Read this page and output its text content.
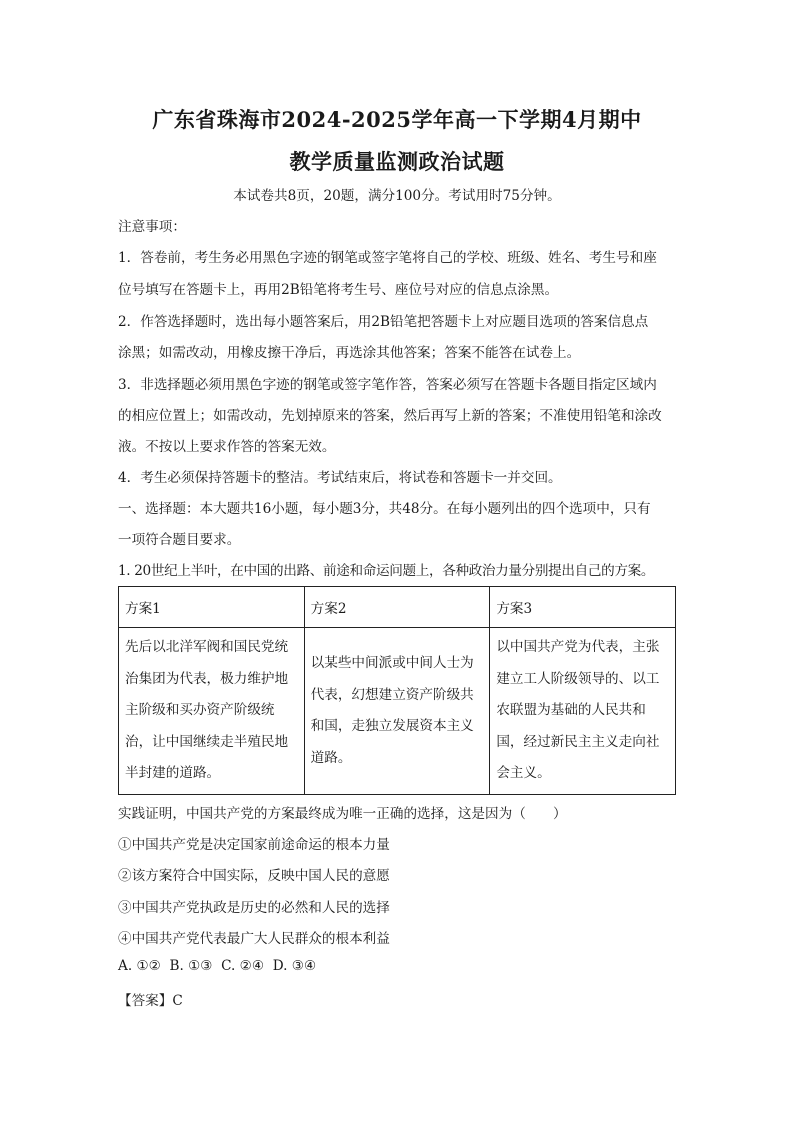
广东省珠海市2024-2025学年高一下学期4月期中
教学质量监测政治试题
本试卷共8页，20题，满分100分。考试用时75分钟。
注意事项：
1．答卷前，考生务必用黑色字迹的钢笔或签字笔将自己的学校、班级、姓名、考生号和座
位号填写在答题卡上，再用2B铅笔将考生号、座位号对应的信息点涂黑。
2．作答选择题时，选出每小题答案后，用2B铅笔把答题卡上对应题目选项的答案信息点
涂黑；如需改动，用橡皮擦干净后，再选涂其他答案；答案不能答在试卷上。
3．非选择题必须用黑色字迹的钢笔或签字笔作答，答案必须写在答题卡各题目指定区域内
的相应位置上；如需改动，先划掉原来的答案，然后再写上新的答案；不准使用铅笔和涂改
液。不按以上要求作答的答案无效。
4．考生必须保持答题卡的整洁。考试结束后，将试卷和答题卡一并交回。
一、选择题：本大题共16小题，每小题3分，共48分。在每小题列出的四个选项中，只有
一项符合题目要求。
1. 20世纪上半叶，在中国的出路、前途和命运问题上，各种政治力量分别提出自己的方案。
方案1	方案2	方案3
先后以北洋军阀和国民党统治集团为代表，极力维护地主阶级和买办资产阶级统治，让中国继续走半殖民地半封建的道路。	以某些中间派或中间人士为代表，幻想建立资产阶级共和国，走独立发展资本主义道路。	以中国共产党为代表，主张建立工人阶级领导的、以工农联盟为基础的人民共和国，经过新民主主义走向社会主义。
实践证明，中国共产党的方案最终成为唯一正确的选择，这是因为（　　）
①中国共产党是决定国家前途命运的根本力量
②该方案符合中国实际，反映中国人民的意愿
③中国共产党执政是历史的必然和人民的选择
④中国共产党代表最广大人民群众的根本利益
A. ①②  B. ①③  C. ②④  D. ③④
【答案】C
